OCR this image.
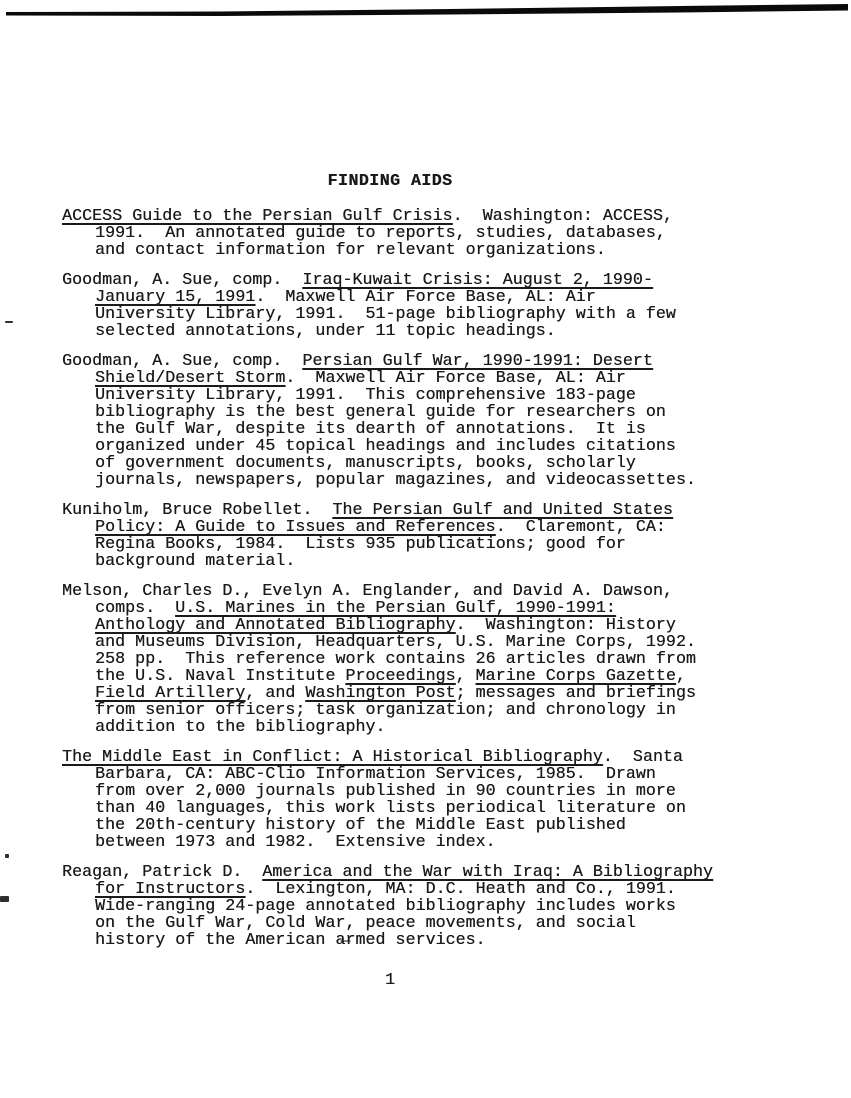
FINDING AIDS
ACCESS Guide to the Persian Gulf Crisis.  Washington: ACCESS,
1991.  An annotated guide to reports, studies, databases,
and contact information for relevant organizations.
Goodman, A. Sue, comp.  Iraq-Kuwait Crisis: August 2, 1990-
January 15, 1991.  Maxwell Air Force Base, AL: Air
University Library, 1991.  51-page bibliography with a few
selected annotations, under 11 topic headings.
Goodman, A. Sue, comp.  Persian Gulf War, 1990-1991: Desert
Shield/Desert Storm.  Maxwell Air Force Base, AL: Air
University Library, 1991.  This comprehensive 183-page
bibliography is the best general guide for researchers on
the Gulf War, despite its dearth of annotations.  It is
organized under 45 topical headings and includes citations
of government documents, manuscripts, books, scholarly
journals, newspapers, popular magazines, and videocassettes.
Kuniholm, Bruce Robellet.  The Persian Gulf and United States
Policy: A Guide to Issues and References.  Claremont, CA:
Regina Books, 1984.  Lists 935 publications; good for
background material.
Melson, Charles D., Evelyn A. Englander, and David A. Dawson,
comps.  U.S. Marines in the Persian Gulf, 1990-1991:
Anthology and Annotated Bibliography.  Washington: History
and Museums Division, Headquarters, U.S. Marine Corps, 1992.
258 pp.  This reference work contains 26 articles drawn from
the U.S. Naval Institute Proceedings, Marine Corps Gazette,
Field Artillery, and Washington Post; messages and briefings
from senior officers; task organization; and chronology in
addition to the bibliography.
The Middle East in Conflict: A Historical Bibliography.  Santa
Barbara, CA: ABC-Clio Information Services, 1985.  Drawn
from over 2,000 journals published in 90 countries in more
than 40 languages, this work lists periodical literature on
the 20th-century history of the Middle East published
between 1973 and 1982.  Extensive index.
Reagan, Patrick D.  America and the War with Iraq: A Bibliography
for Instructors.  Lexington, MA: D.C. Heath and Co., 1991.
Wide-ranging 24-page annotated bibliography includes works
on the Gulf War, Cold War, peace movements, and social
history of the American a̶rmed services.
1
